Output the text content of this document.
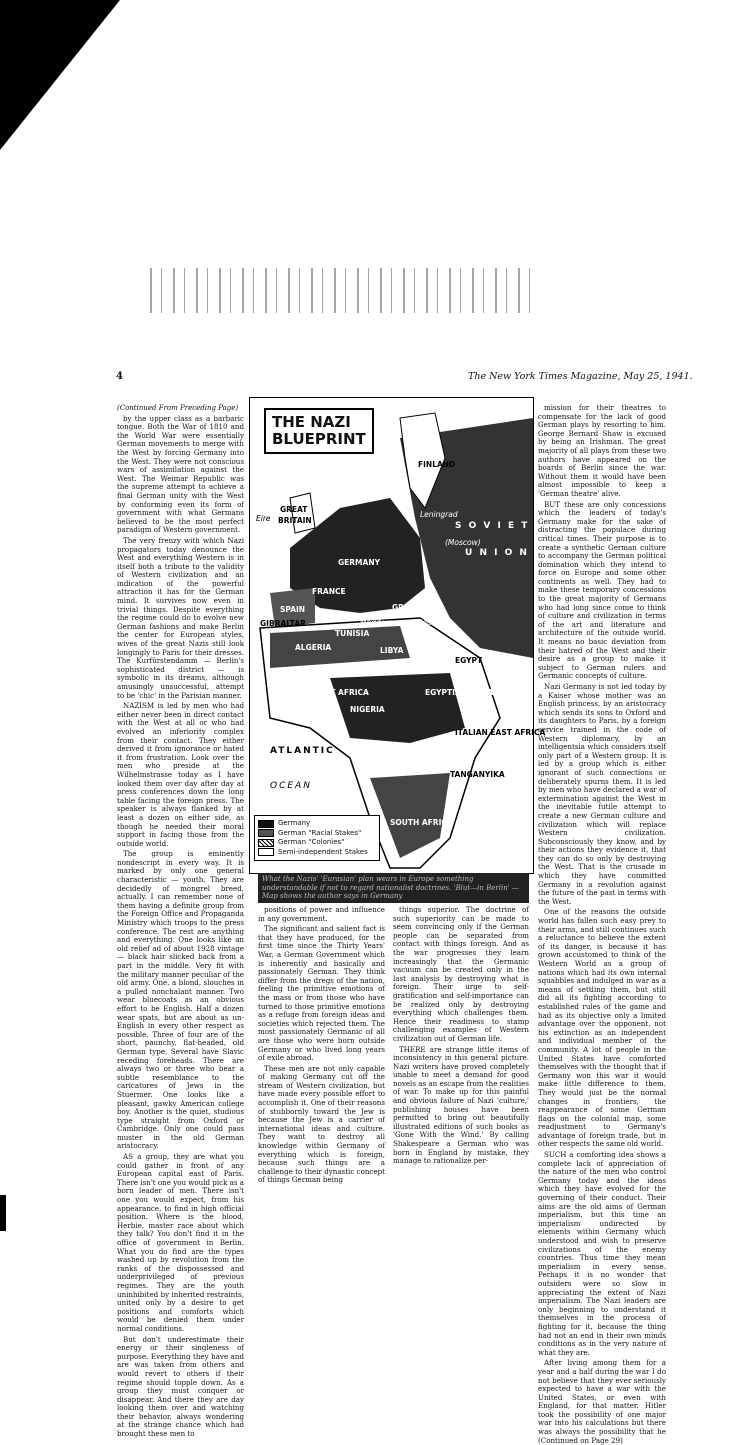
4	The New York Times Magazine, May 25, 1941.

(Continued From Preceding Page)

by the upper class as a barbaric tongue. Both the War of 1810 and the World War were essentially German movements to merge with the West by forcing Germany into the West. They were not conscious wars of assimilation against the West. The Weimar Republic was the supreme attempt to achieve a final German unity with the West by conforming even its form of government with what Germans believed to be the most perfect paradigm of Western government.

The very frenzy with which Nazi propagators today denounce the West and everything Western is in itself both a tribute to the validity of Western civilization and an indication of the powerful attraction it has for the German mind. It survives now even in trivial things. Despite everything the regime could do to evolve new German fashions and make Berlin the center for European styles, wives of the great Nazis still look longingly to Paris for their dresses. The Kurfürstendamm — Berlin's sophisticated district — is symbolic in its dreams, although amusingly unsuccessful, attempt to be 'chic' in the Parisian manner.

NAZISM is led by men who had either never been in direct contact with the West at all or who had evolved an inferiority complex from their contact. They either derived it from ignorance or hated it from frustration. Look over the men who preside at the Wilhelmstrasse today as I have looked them over day after day at press conferences down the long table facing the foreign press. The speaker is always flanked by at least a dozen on either side, as though he needed their moral support in facing those from the outside world.

The group is eminently nondescript in every way. It is marked by only one general characteristic — youth. They are decidedly of mongrel breed, actually. I can remember none of them having a definite group from the Foreign Office and Propaganda Ministry which troops to the press conference. The rest are anything and everything. One looks like an old relief ad of about 1928 vintage — black hair slicked back from a part in the middle. Very fit with the military manner peculiar of the old army. One, a blond, slouches in a pulled nonchalant manner. Two wear bluecoats as an obvious effort to be English. Half a dozen wear spats, but are about as un-English in every other respect as possible. Three of four are of the short, paunchy, flat-headed, old German type. Several have Slavic receding foreheads. There are always two or three who bear a subtle resemblance to the caricatures of Jews in the Stuermer. One looks like a pleasant, gawky American college boy. Another is the quiet, studious type straight from Oxford or Cambridge. Only one could pass muster in the old German aristocracy.

AS a group, they are what you could gather in front of any European capital east of Paris. There isn't one you would pick as a born leader of men. There isn't one you would expect, from his appearance, to find in high official position. Where is the blood, Herbie, master race about which they talk? You don't find it in the office of government in Berlin. What you do find are the types washed up by revolution from the ranks of the dispossessed and underprivileged of previous regimes. They are the youth uninhibited by inherited restraints, united only by a desire to get positions and comforts which would be denied them under normal conditions.

But don't underestimate their energy or their singleness of purpose. Everything they have and are was taken from others and would revert to others if their regime should topple down. As a group they must conquer or disappear. And there they are day looking them over and watching their behavior, always wondering at the strange chance which had brought these men to

THE NAZI
BLUEPRINT
FINLAND
Leningrad
S O V I E T
(Moscow)
U N I O N
GREAT
BRITAIN
Eire
GERMANY
FRANCE
SPAIN
GIBRALTAR
GREECE
TUNISIA
ALGERIA
Mediterranean Sea
LIBYA
EGYPT
FR. WEST AFRICA
NIGERIA
EGYPTIAN SUDAN
ITALIAN EAST AFRICA
ATLANTIC
OCEAN
BELGIAN CONGO
TANGANYIKA
SOUTH AFRICA
Germany
German "Racial Stakes"
German "Colonies"
Semi-independent Stakes
What the Nazis' 'Eurasian' plan wears in Europe something understandable if not to regard nationalist doctrines. 'Blut—in Berlin' — Map shows the author says in Germany

positions of power and influence in any government.

The significant and salient fact is that they have produced, for the first time since the Thirty Years' War, a German Government which is inherently and basically and passionately German. They think differ from the dregs of the nation, feeling the primitive emotions of the mass or from those who have turned to those primitive emotions as a refuge from foreign ideas and societies which rejected them. The most passionately Germanic of all are those who were born outside Germany or who lived long years of exile abroad.

These men are not only capable of making Germany cut off the stream of Western civilization, but have made every possible effort to accomplish it. One of their reasons of stubbornly toward the Jew is because the Jew is a carrier of international ideas and culture. They want to destroy all knowledge within Germany of everything which is foreign, because such things are a challenge to their dynastic concept of things German being

things superior. The doctrine of such superiority can be made to seem convincing only if the German people can be separated from contact with things foreign. And as the war progresses they learn increasingly that the Germanic vacuum can be created only in the last analysis by destroying what is foreign. Their urge to self-gratification and self-importance can be realized only by destroying everything which challenges them. Hence their readiness to stamp challenging examples of Western civilization out of German life.

THERE are strange little items of inconsistency in this general picture. Nazi writers have proved completely unable to meet a demand for good novels as an escape from the realities of war. To make up for this painful and obvious failure of Nazi 'culture,' publishing houses have been permitted to bring out beautifully illustrated editions of such books as 'Gone With the Wind.' By calling Shakespeare a German who was born in England by mistake, they manage to rationalize per-

mission for their theatres to compensate for the lack of good German plays by resorting to him. George Bernard Shaw is excused by being an Irishman. The great majority of all plays from these two authors have appeared on the boards of Berlin since the war. Without them it would have been almost impossible to keep a 'German theatre' alive.

BUT these are only concessions which the leaders of today's Germany make for the sake of distracting the populace during critical times. Their purpose is to create a synthetic German culture to accompany the German political domination which they intend to force on Europe and some other continents as well. They had to make these temporary concessions to the great majority of Germans who had long since come to think of culture and civilization in terms of the art and literature and architecture of the outside world. It means no basic deviation from their hatred of the West and their desire as a group to make it subject to German rulers and Germanic concepts of culture.

Nazi Germany is not led today by a Kaiser whose mother was an English princess, by an aristocracy which sends its sons to Oxford and its daughters to Paris, by a foreign service trained in the code of Western diplomacy, by an intelligentsia which considers itself only part of a Western group. It is led by a group which is either ignorant of such connections or deliberately spurns them. It is led by men who have declared a war of extermination against the West in the inevitable futile attempt to create a new German culture and civilization which will replace Western civilization. Subconsciously they know, and by their actions they evidence it, that they can do so only by destroying the West. That is the crusade in which they have committed Germany in a revolution against the future of the past in terms with the West.

One of the reasons the outside world has fallen such easy prey to their arms, and still continues such a reluctance to believe the extent of its danger, is because it has grown accustomed to think of the Western World as a group of nations which had its own internal squabbles and indulged in war as a means of settling them, but still did all its fighting according to established rules of the game and had as its objective only a limited advantage over the opponent, not his extinction as an independent and individual member of the community. A lot of people in the United States have comforted themselves with the thought that if Germany won this war it would make little difference to them. They would just be the normal changes in frontiers, the reappearance of some German flags on the colonial map, some readjustment to Germany's advantage of foreign trade, but in other respects the same old world.

SUCH a comforting idea shows a complete lack of appreciation of the nature of the men who control Germany today and the ideas which they have evolved for the governing of their conduct. Their aims are the old aims of German imperialism, but this time an imperialism undirected by elements within Germany which understood and wish to preserve civilizations of the enemy countries. Thus time they mean imperialism in every sense. Perhaps it is no wonder that outsiders were so slow in appreciating the extent of Nazi imperialism. The Nazi leaders are only beginning to understand it themselves in the process of fighting for it, because the thing had not an end in their own minds conditions as in the very nature of what they are.

After living among them for a year and a half during the war I do not believe that they ever seriously expected to have a war with the United States, or even with England, for that matter. Hitler took the possibility of one major war into his calculations but there was always the possibility that he (Continued on Page 29)
